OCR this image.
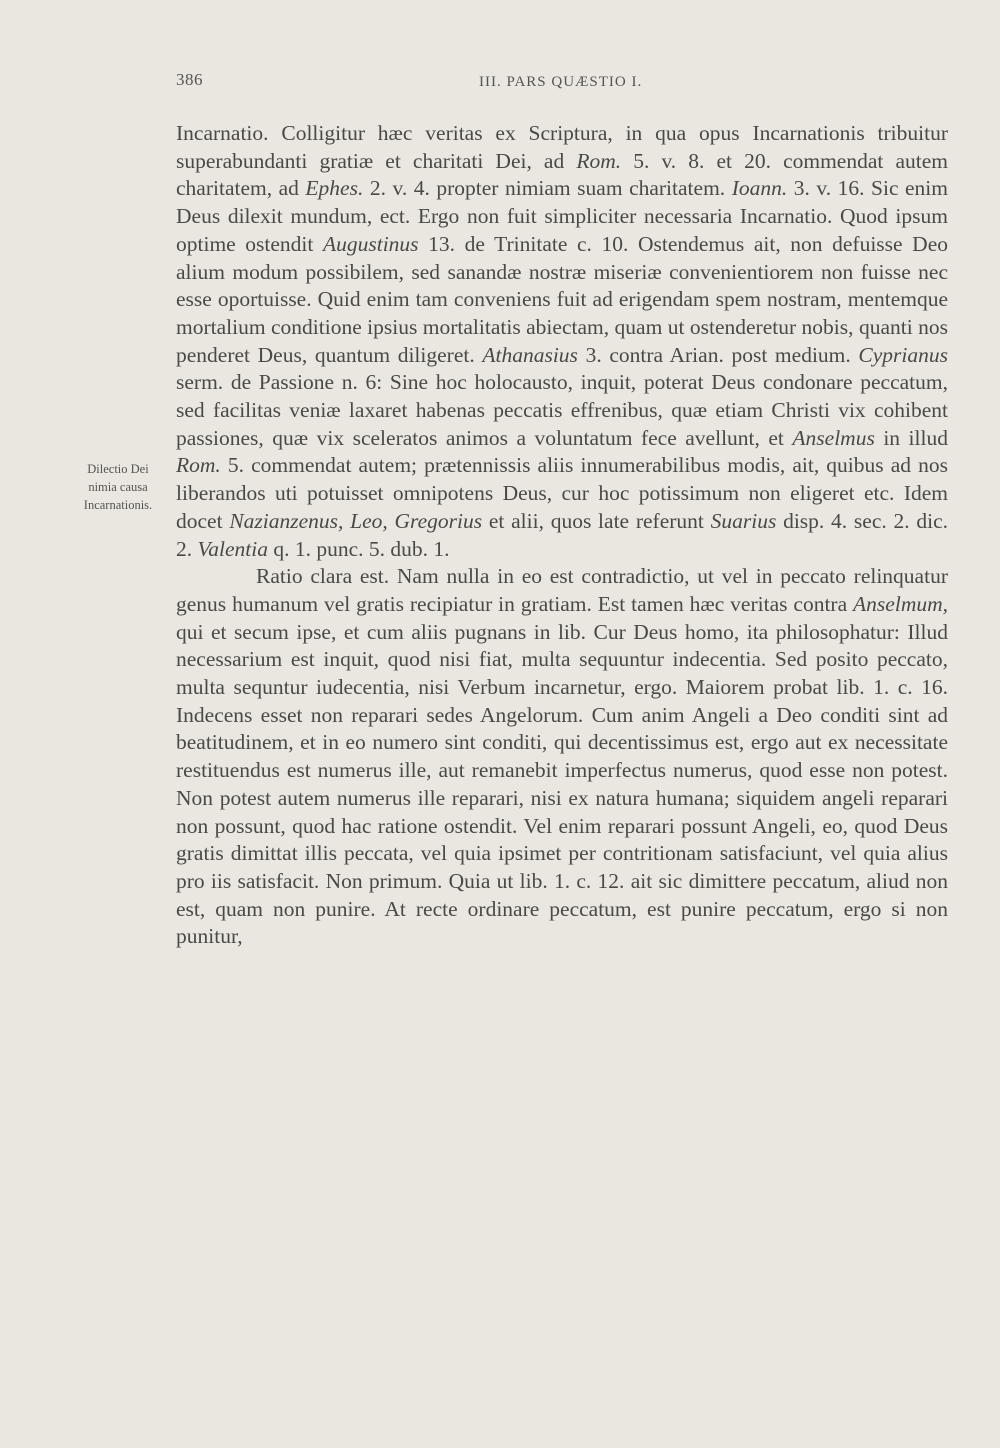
386	III. PARS QUÆSTIO I.
Dilectio Dei
nimia causa
Incarnationis.

Incarnatio. Colligitur hæc veritas ex Scriptura, in qua opus Incarnationis tribuitur superabundanti gratiæ et charitati Dei, ad Rom. 5. v. 8. et 20. commendat autem charitatem, ad Ephes. 2. v. 4. propter nimiam suam charitatem. Ioann. 3. v. 16. Sic enim Deus dilexit mundum, ect. Ergo non fuit simpliciter necessaria Incarnatio. Quod ipsum optime ostendit Augustinus 13. de Trinitate c. 10. Ostendemus ait, non defuisse Deo alium modum possibilem, sed sanandæ nostræ miseriæ convenientiorem non fuisse nec esse oportuisse. Quid enim tam conveniens fuit ad erigendam spem nostram, mentemque mortalium conditione ipsius mortalitatis abiectam, quam ut ostenderetur nobis, quanti nos penderet Deus, quantum diligeret. Athanasius 3. contra Arian. post medium. Cyprianus serm. de Passione n. 6: Sine hoc holocausto, inquit, poterat Deus condonare peccatum, sed facilitas veniæ laxaret habenas peccatis effrenibus, quæ etiam Christi vix cohibent passiones, quæ vix sceleratos animos a voluntatum fece avellunt, et Anselmus in illud Rom. 5. commendat autem; prætennissis aliis innumerabilibus modis, ait, quibus ad nos liberandos uti potuisset omnipotens Deus, cur hoc potissimum non eligeret etc. Idem docet Nazianzenus, Leo, Gregorius et alii, quos late referunt Suarius disp. 4. sec. 2. dic. 2. Valentia q. 1. punc. 5. dub. 1.

Ratio clara est. Nam nulla in eo est contradictio, ut vel in peccato relinquatur genus humanum vel gratis recipiatur in gratiam. Est tamen hæc veritas contra Anselmum, qui et secum ipse, et cum aliis pugnans in lib. Cur Deus homo, ita philosophatur: Illud necessarium est inquit, quod nisi fiat, multa sequuntur indecentia. Sed posito peccato, multa sequntur iudecentia, nisi Verbum incarnetur, ergo. Maiorem probat lib. 1. c. 16. Indecens esset non reparari sedes Angelorum. Cum anim Angeli a Deo conditi sint ad beatitudinem, et in eo numero sint conditi, qui decentissimus est, ergo aut ex necessitate restituendus est numerus ille, aut remanebit imperfectus numerus, quod esse non potest. Non potest autem numerus ille reparari, nisi ex natura humana; siquidem angeli reparari non possunt, quod hac ratione ostendit. Vel enim reparari possunt Angeli, eo, quod Deus gratis dimittat illis peccata, vel quia ipsimet per contritionam satisfaciunt, vel quia alius pro iis satisfacit. Non primum. Quia ut lib. 1. c. 12. ait sic dimittere peccatum, aliud non est, quam non punire. At recte ordinare peccatum, est punire peccatum, ergo si non punitur,
